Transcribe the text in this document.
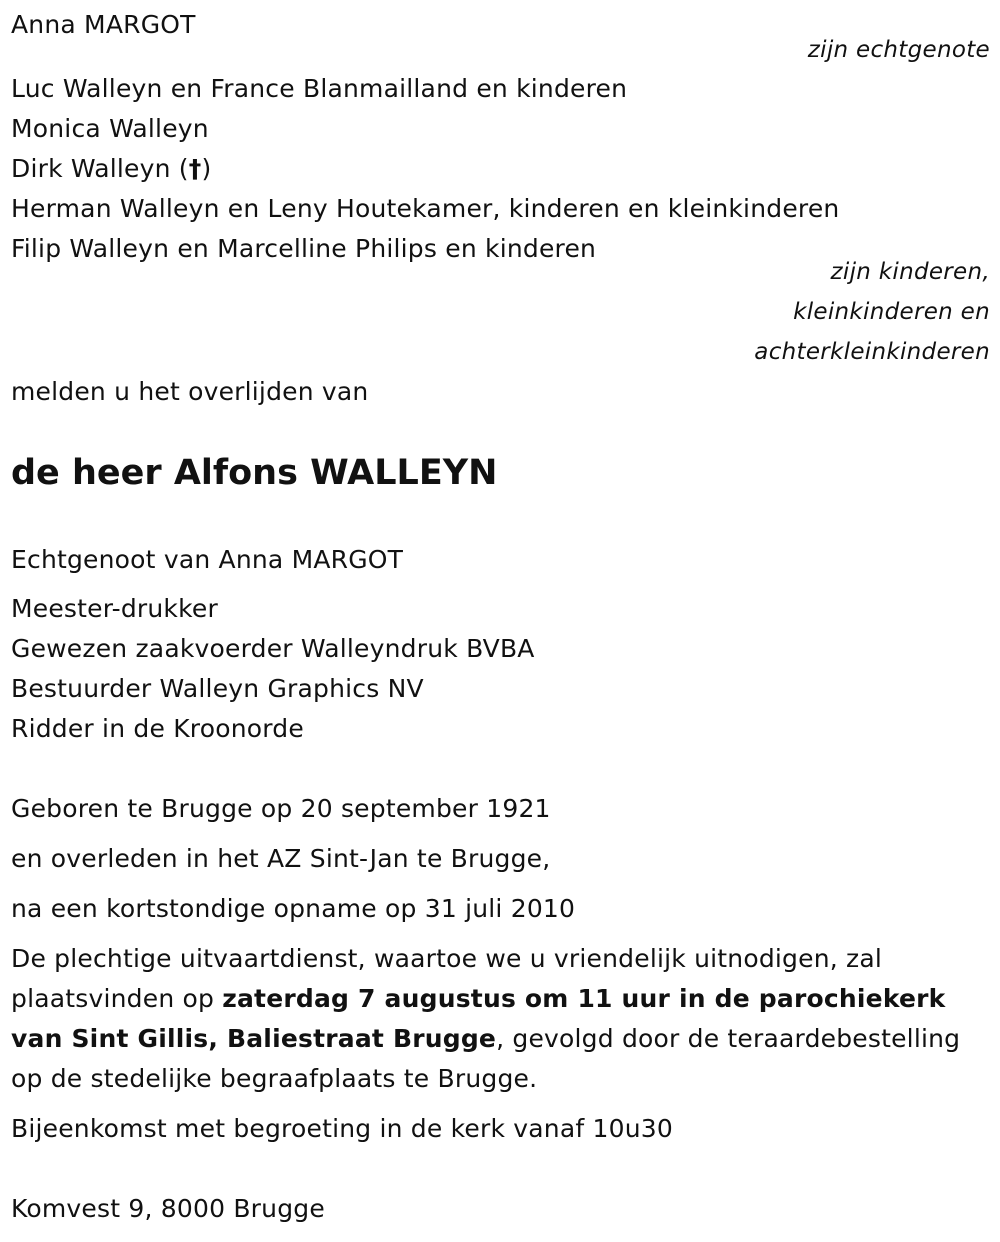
Anna MARGOT
zijn echtgenote
Luc Walleyn en France Blanmailland en kinderen
Monica Walleyn
Dirk Walleyn (†)
Herman Walleyn en Leny Houtekamer, kinderen en kleinkinderen
Filip Walleyn en Marcelline Philips en kinderen
zijn kinderen,
kleinkinderen en
achterkleinkinderen
melden u het overlijden van
de heer Alfons WALLEYN
Echtgenoot van Anna MARGOT
Meester-drukker
Gewezen zaakvoerder Walleyndruk BVBA
Bestuurder Walleyn Graphics NV
Ridder in de Kroonorde
Geboren te Brugge op 20 september 1921
en overleden in het AZ Sint-Jan te Brugge,
na een kortstondige opname op 31 juli 2010
De plechtige uitvaartdienst, waartoe we u vriendelijk uitnodigen, zal plaatsvinden op zaterdag 7 augustus om 11 uur in de parochiekerk van Sint Gillis, Baliestraat Brugge, gevolgd door de teraardebestelling op de stedelijke begraafplaats te Brugge.
Bijeenkomst met begroeting in de kerk vanaf 10u30
Komvest 9, 8000 Brugge
